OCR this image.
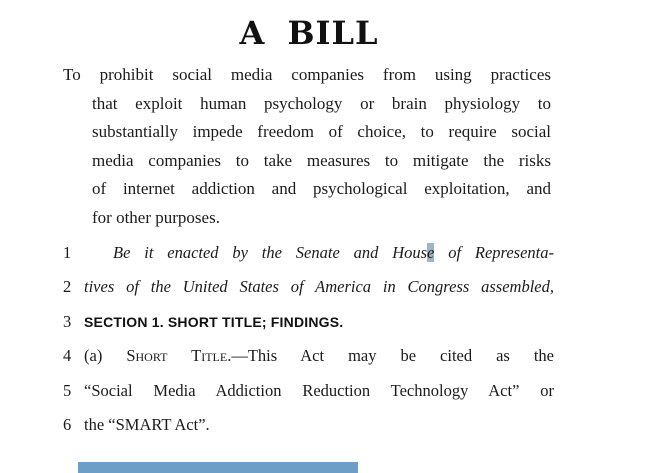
A BILL
To prohibit social media companies from using practices
that exploit human psychology or brain physiology to
substantially impede freedom of choice, to require social
media companies to take measures to mitigate the risks
of internet addiction and psychological exploitation, and
for other purposes.
1	Be it enacted by the Senate and House of Representa-
2 tives of the United States of America in Congress assembled,
3 SECTION 1. SHORT TITLE; FINDINGS.
4 (a) Short Title.—This Act may be cited as the
5 “Social Media Addiction Reduction Technology Act” or
6 the “SMART Act”.
